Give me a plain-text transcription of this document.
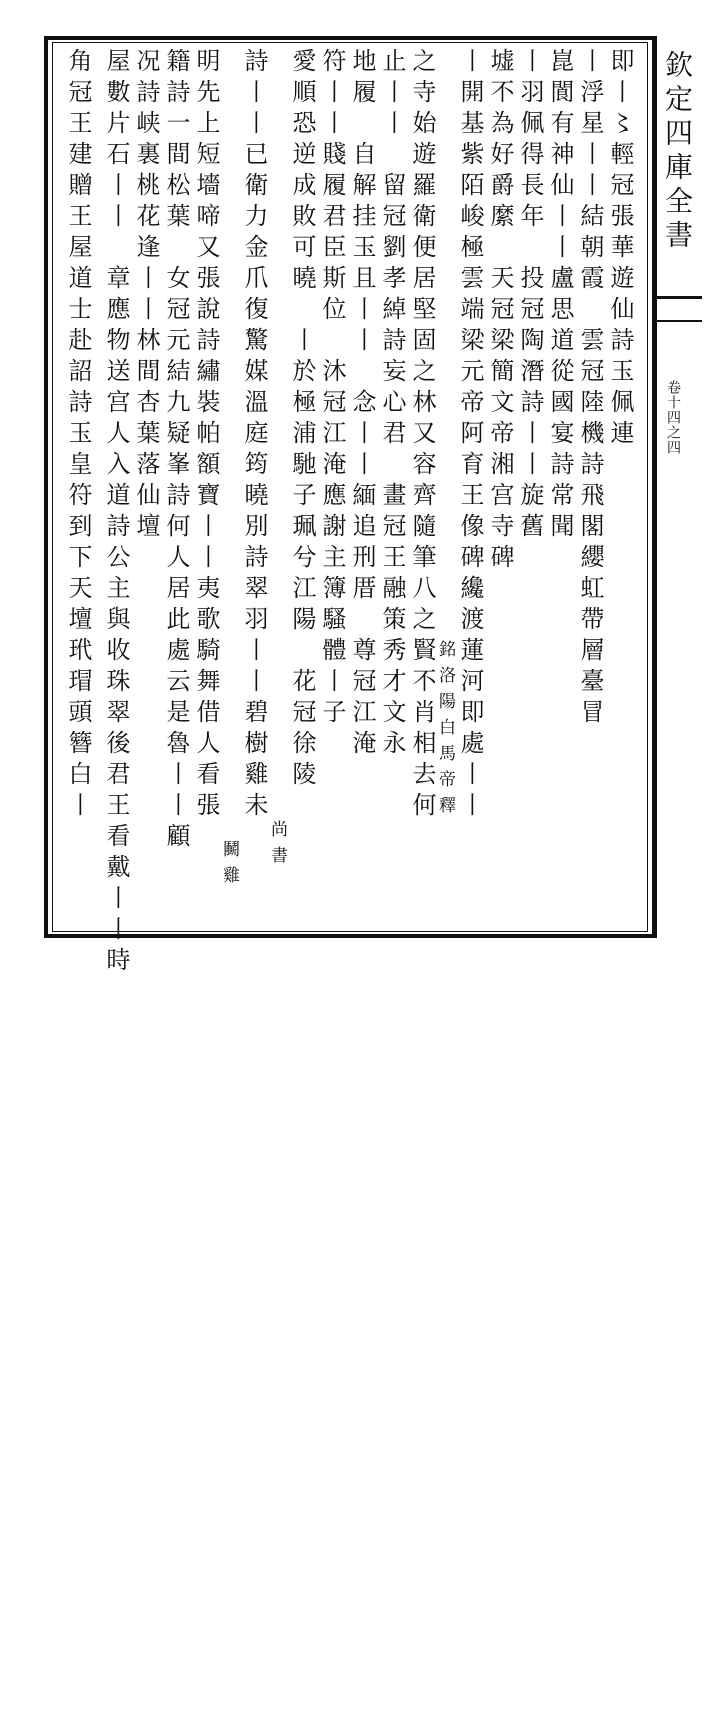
欽定四庫全書
卷十四之四
即丨〻輕冠張華遊仙詩玉佩連
丨浮星丨丨結朝霞　雲冠陸機詩飛閣纓虹帶層臺冒
崑閬有神仙丨丨盧思道從國宴詩常聞
丨羽佩得長年　投冠陶潛詩丨丨旋舊
墟不為好爵縻　天冠梁簡文帝湘宫寺碑
丨開基紫陌峻極雲端梁元帝阿育王像碑纔渡蓮河即處丨丨
銘洛陽白馬帝釋
之寺始遊羅衛便居堅固之林又容齊隨筆八之賢不肖相去何
止丨丨　留冠劉孝綽詩妄心君　畫冠王融策秀才文永
地履　自解挂玉且丨丨　念丨丨緬追刑厝　尊冠江淹
符丨丨賤履君臣斯位　沐冠江淹應謝主簿騷體丨子
愛順恐逆成敗可曉　丨於極浦馳子珮兮江陽　花冠徐陵
尚書
詩丨丨已衛力金爪復驚媒溫庭筠曉別詩翠羽丨丨碧樹雞未
鬭雞
明先上短墻啼又張說詩繡裝帕額寶丨丨夷歌騎舞借人看張
籍詩一間松葉　女冠元結九疑峯詩何人居此處云是魯丨丨顧
况詩峡裏桃花逢丨丨林間杏葉落仙壇
屋數片石丨丨　章應物送宫人入道詩公主與收珠翠後君王看戴丨丨時
角冠王建贈王屋道士赴詔詩玉皇符到下天壇玳瑁頭簪白丨
